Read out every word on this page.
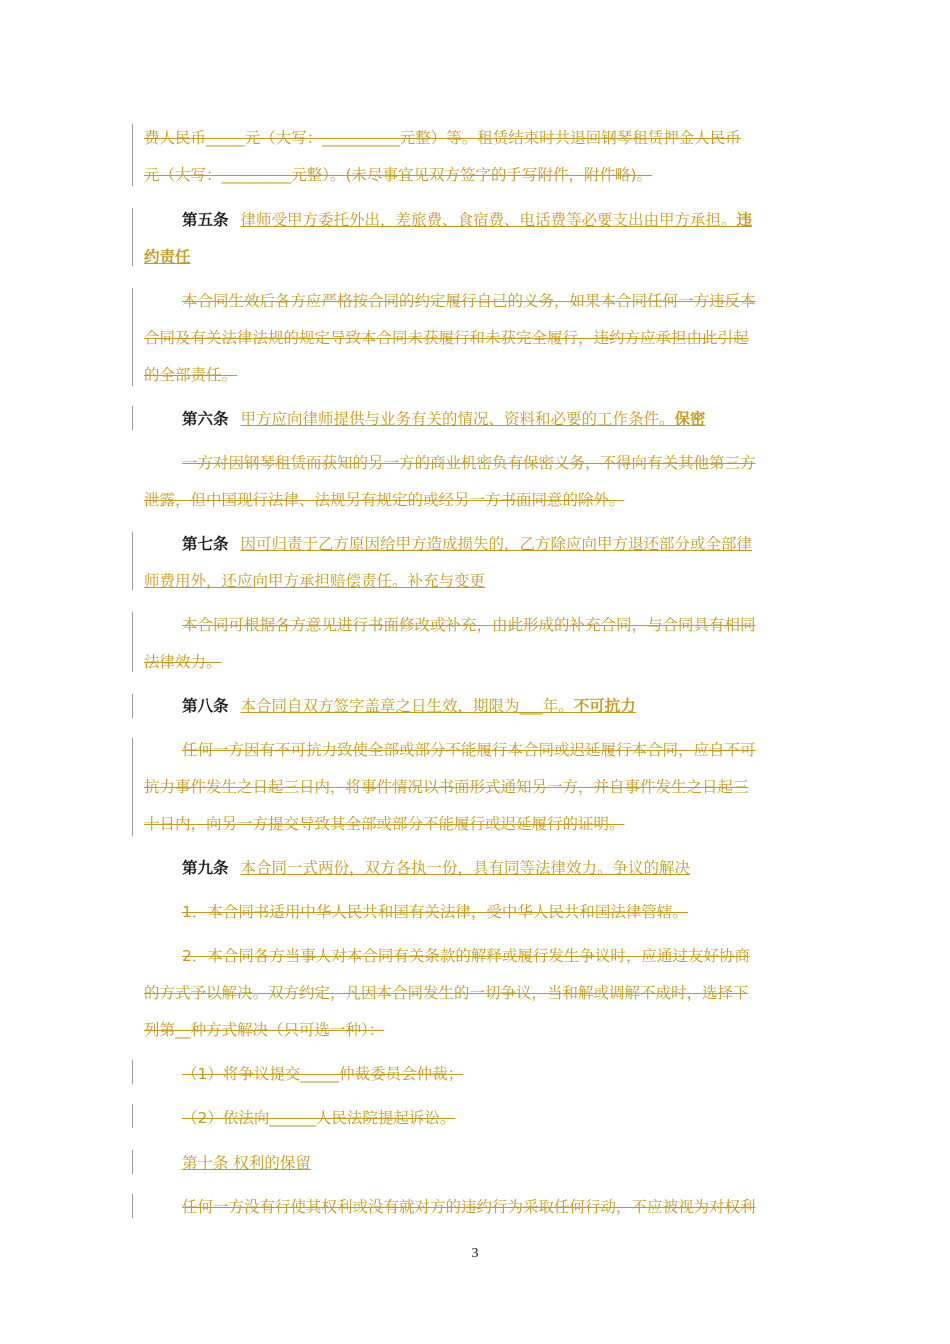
费人民币_____元（大写：__________元整）等。租赁结束时共退回钢琴租赁押金人民币
元（大写：_________元整）。(未尽事宜见双方签字的手写附件，附件略)。
第五条 律师受甲方委托外出，差旅费、食宿费、电话费等必要支出由甲方承担。违
约责任
本合同生效后各方应严格按合同的约定履行自己的义务，如果本合同任何一方违反本
合同及有关法律法规的规定导致本合同未获履行和未获完全履行，违约方应承担由此引起
的全部责任。
第六条 甲方应向律师提供与业务有关的情况、资料和必要的工作条件。保密
一方对因钢琴租赁而获知的另一方的商业机密负有保密义务，不得向有关其他第三方
泄露，但中国现行法律、法规另有规定的或经另一方书面同意的除外。
第七条 因可归责于乙方原因给甲方造成损失的，乙方除应向甲方退还部分或全部律
师费用外，还应向甲方承担赔偿责任。补充与变更
本合同可根据各方意见进行书面修改或补充，由此形成的补充合同，与合同具有相同
法律效力。
第八条 本合同自双方签字盖章之日生效，期限为___年。不可抗力
任何一方因有不可抗力致使全部或部分不能履行本合同或迟延履行本合同，应自不可
抗力事件发生之日起三日内，将事件情况以书面形式通知另一方，并自事件发生之日起三
十日内，向另一方提交导致其全部或部分不能履行或迟延履行的证明。
第九条 本合同一式两份，双方各执一份，具有同等法律效力。争议的解决
1．本合同书适用中华人民共和国有关法律，受中华人民共和国法律管辖。
2．本合同各方当事人对本合同有关条款的解释或履行发生争议时，应通过友好协商
的方式予以解决。双方约定，凡因本合同发生的一切争议，当和解或调解不成时，选择下
列第__种方式解决（只可选一种）：
（1）将争议提交_____仲裁委员会仲裁；
（2）依法向______人民法院提起诉讼。
第十条 权利的保留
任何一方没有行使其权利或没有就对方的违约行为采取任何行动，不应被视为对权利
3
